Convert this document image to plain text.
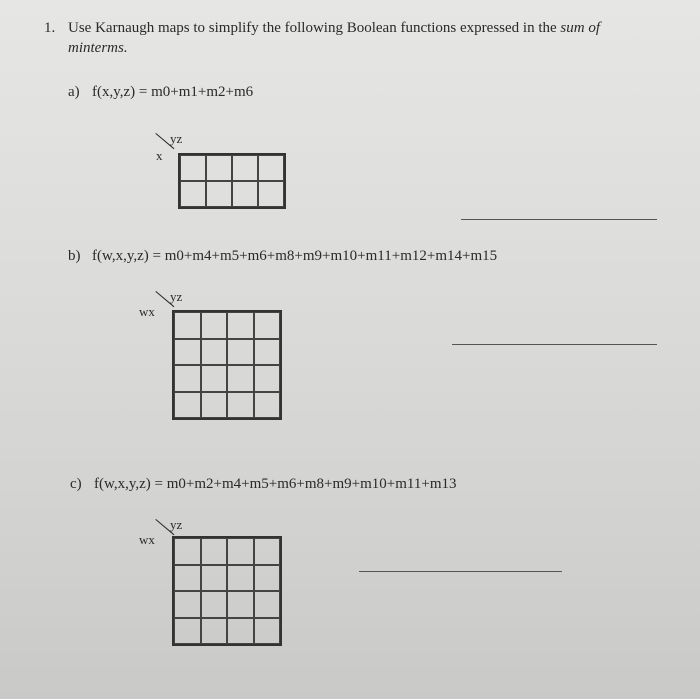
1. Use Karnaugh maps to simplify the following Boolean functions expressed in the sum of
minterms.
a) f(x,y,z) = m0+m1+m2+m6
yz
x
b) f(w,x,y,z) = m0+m4+m5+m6+m8+m9+m10+m11+m12+m14+m15
yz
wx
c) f(w,x,y,z) = m0+m2+m4+m5+m6+m8+m9+m10+m11+m13
yz
wx
